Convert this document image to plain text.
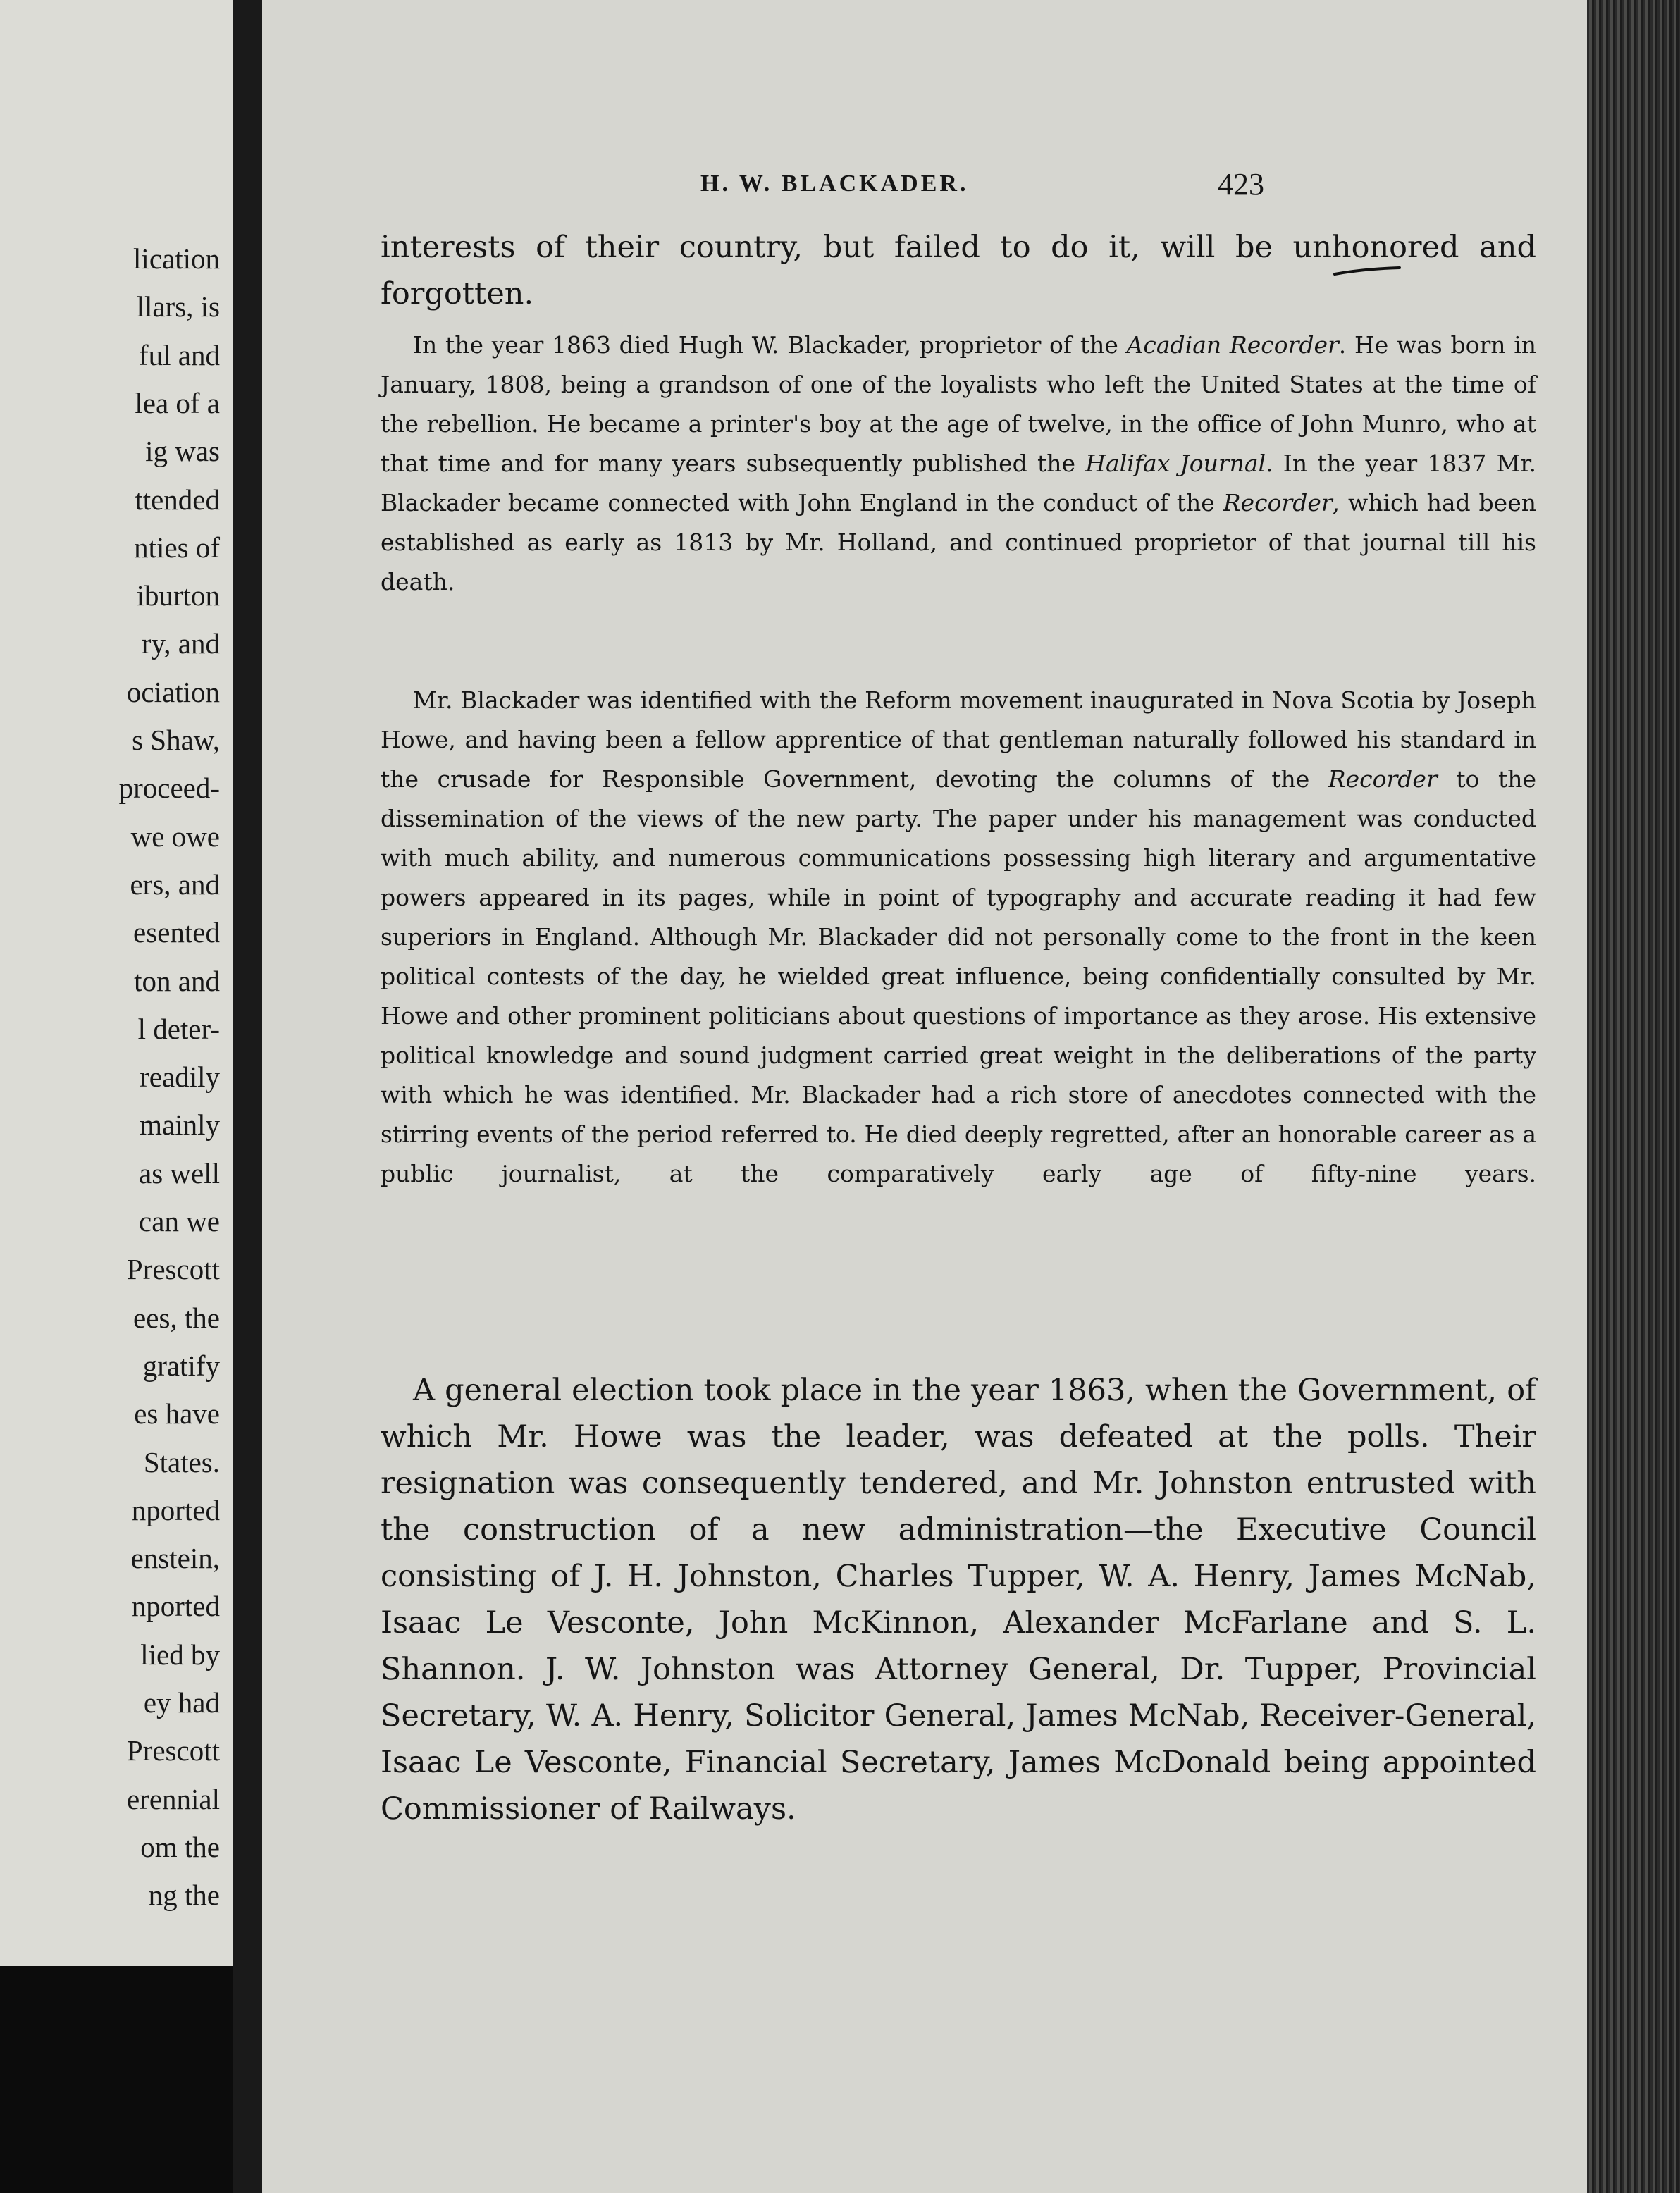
lication

llars, is

ful and

lea of a

ig was

ttended

nties of

iburton

ry, and

ociation

s Shaw,

proceed-

we owe

ers, and

esented

ton and

l deter-

readily

mainly

as well

can we

Prescott

ees, the

gratify

es have

States.

nported

enstein,

nported

lied by

ey had

Prescott

erennial

om the

ng the

H. W. BLACKADER.	423

interests of their country, but failed to do it, will be unhonored and forgotten.

In the year 1863 died Hugh W. Blackader, proprietor of the Acadian Recorder. He was born in January, 1808, being a grandson of one of the loyalists who left the United States at the time of the rebellion. He became a printer's boy at the age of twelve, in the office of John Munro, who at that time and for many years subsequently published the Halifax Journal. In the year 1837 Mr. Blackader became connected with John England in the conduct of the Recorder, which had been established as early as 1813 by Mr. Holland, and continued proprietor of that journal till his death.

Mr. Blackader was identified with the Reform movement inaugurated in Nova Scotia by Joseph Howe, and having been a fellow apprentice of that gentleman naturally followed his standard in the crusade for Responsible Government, devoting the columns of the Recorder to the dissemination of the views of the new party. The paper under his management was conducted with much ability, and numerous communications possessing high literary and argumentative powers appeared in its pages, while in point of typography and accurate reading it had few superiors in England. Although Mr. Blackader did not personally come to the front in the keen political contests of the day, he wielded great influence, being confidentially consulted by Mr. Howe and other prominent politicians about questions of importance as they arose. His extensive political knowledge and sound judgment carried great weight in the deliberations of the party with which he was identified. Mr. Blackader had a rich store of anecdotes connected with the stirring events of the period referred to. He died deeply regretted, after an honorable career as a public journalist, at the comparatively early age of fifty-nine years.

A general election took place in the year 1863, when the Government, of which Mr. Howe was the leader, was defeated at the polls. Their resignation was consequently tendered, and Mr. Johnston entrusted with the construction of a new administration—the Executive Council consisting of J. H. Johnston, Charles Tupper, W. A. Henry, James McNab, Isaac Le Vesconte, John McKinnon, Alexander McFarlane and S. L. Shannon. J. W. Johnston was Attorney General, Dr. Tupper, Provincial Secretary, W. A. Henry, Solicitor General, James McNab, Receiver-General, Isaac Le Vesconte, Financial Secretary, James McDonald being appointed Commissioner of Railways.
